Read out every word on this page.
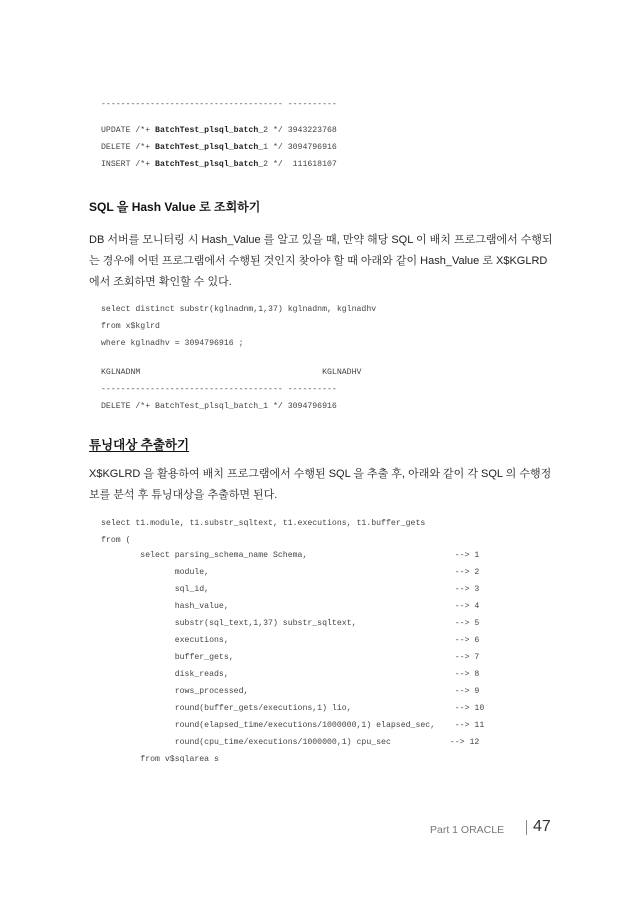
------------------------------------- ----------
UPDATE /*+ BatchTest_plsql_batch_2 */ 3943223768
DELETE /*+ BatchTest_plsql_batch_1 */ 3094796916
INSERT /*+ BatchTest_plsql_batch_2 */  111618107
SQL 을 Hash Value 로 조회하기
DB 서버를 모니터링 시 Hash_Value 를 알고 있을 때, 만약 해당 SQL 이 배치 프로그램에서 수행되는 경우에 어떤 프로그램에서 수행된 것인지 찾아야 할 때 아래와 같이 Hash_Value 로 X$KGLRD 에서 조회하면 확인할 수 있다.
select distinct substr(kglnadnm,1,37) kglnadnm, kglnadhv
from x$kglrd
where kglnadhv = 3094796916 ;
KGLNADNM                                     KGLNADHV
------------------------------------- ----------
DELETE /*+ BatchTest_plsql_batch_1 */ 3094796916
튜닝대상 추출하기
X$KGLRD 을 활용하여 배치 프로그램에서 수행된 SQL 을 추출 후, 아래와 같이 각 SQL 의 수행정보를 분석 후 튜닝대상을 추출하면 된다.
select t1.module, t1.substr_sqltext, t1.executions, t1.buffer_gets
from (
select parsing_schema_name Schema,                              --> 1
module,                                                  --> 2
sql_id,                                                  --> 3
hash_value,                                              --> 4
substr(sql_text,1,37) substr_sqltext,                    --> 5
executions,                                              --> 6
buffer_gets,                                             --> 7
disk_reads,                                              --> 8
rows_processed,                                          --> 9
round(buffer_gets/executions,1) lio,                     --> 10
round(elapsed_time/executions/1000000,1) elapsed_sec,    --> 11
round(cpu_time/executions/1000000,1) cpu_sec            --> 12
from v$sqlarea s
Part 1 ORACLE 47
